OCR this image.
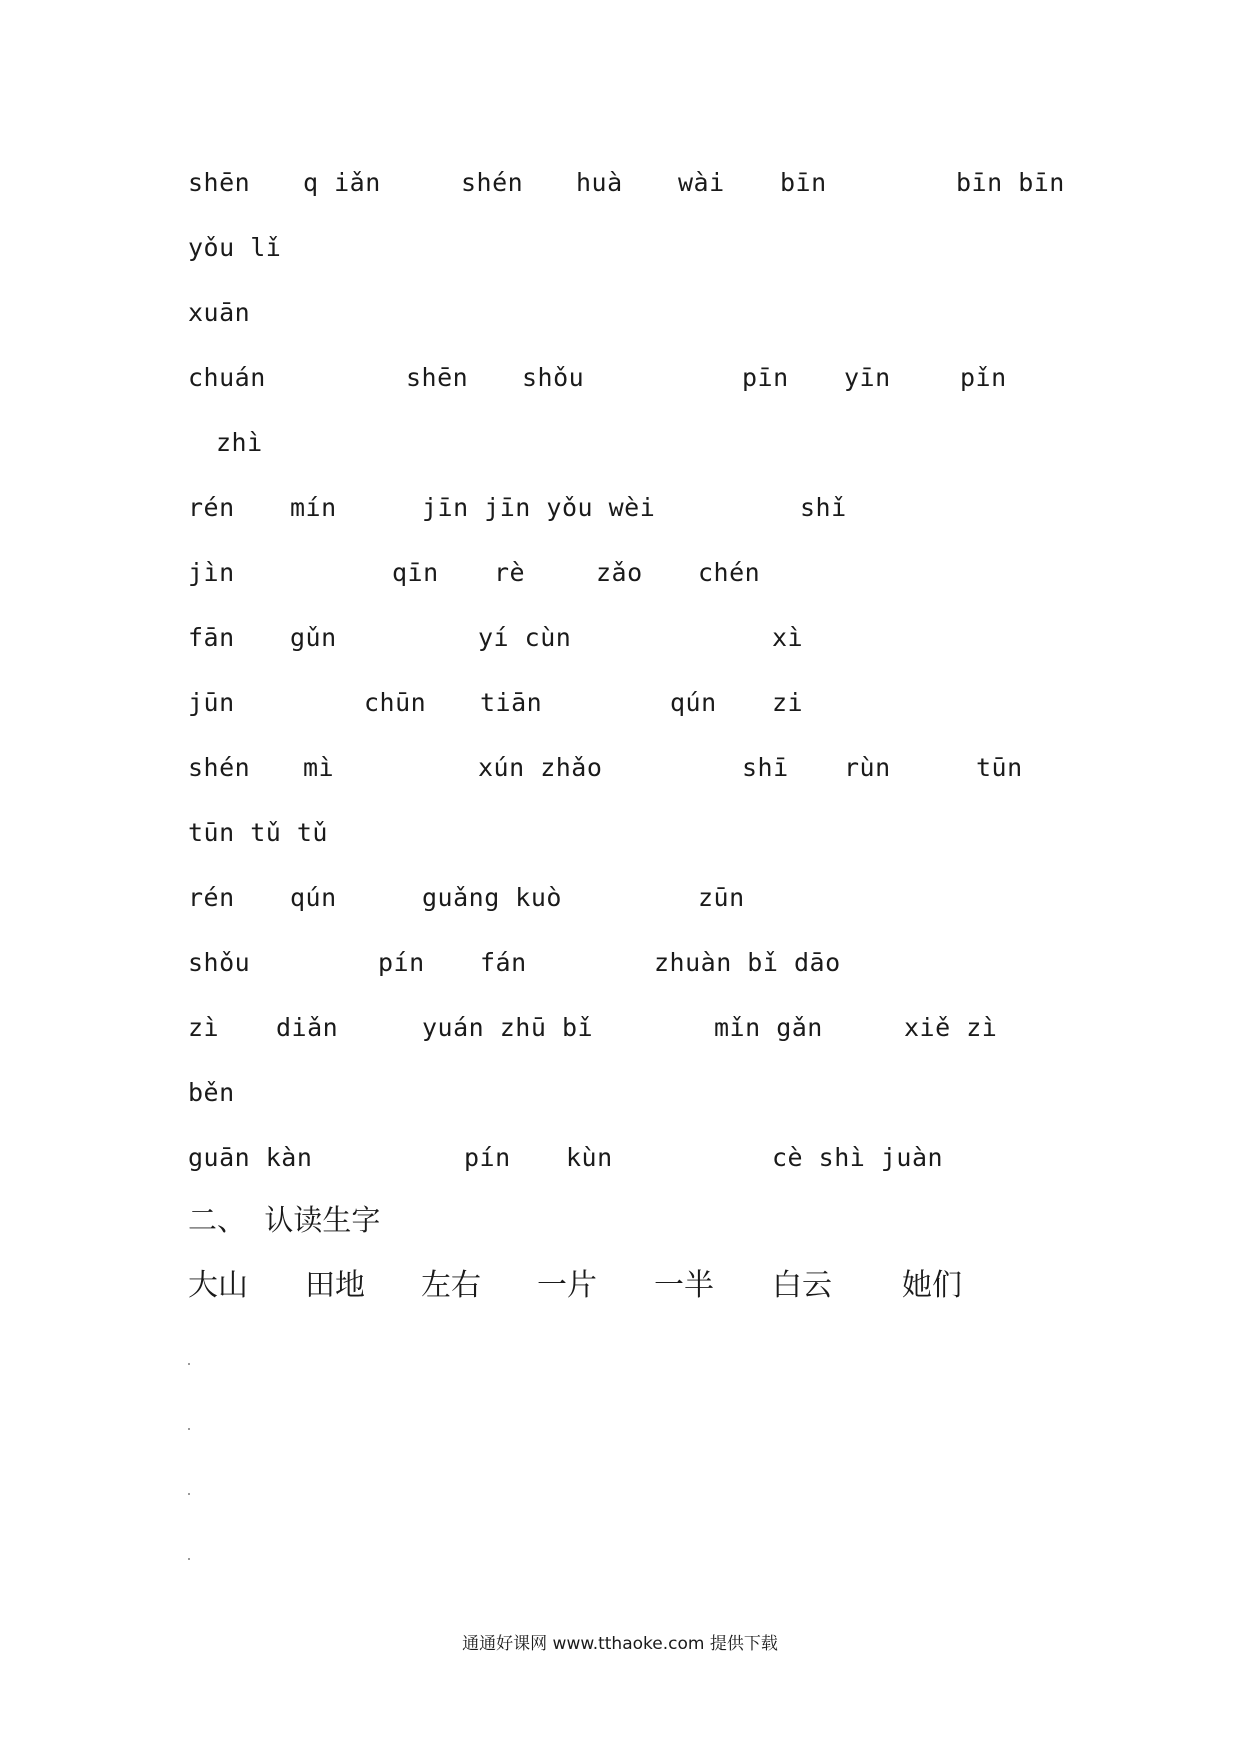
shēn q iǎn	shén huà wài bīn	bīn bīn
yǒu lǐ
xuān
chuán	shēn shǒu	pīn yīn	pǐn
zhì
rén mín	jīn jīn yǒu wèi	shǐ
jìn	qīn rè	zǎo chén
fān gǔn	yí cùn	xì
jūn	chūn tiān	qún zi
shén mì	xún zhǎo	shī rùn	tūn
tūn tǔ tǔ
rén qún	guǎng kuò	zūn
shǒu	pín fán	zhuàn bǐ dāo
zì diǎn	yuán zhū bǐ	mǐn gǎn	xiě zì
běn
guān kàn	pín kùn	cè shì juàn
二、  认读生字
大山 田地 左右 一片 一半 白云 她们
通通好课网 www.tthaoke.com 提供下载
